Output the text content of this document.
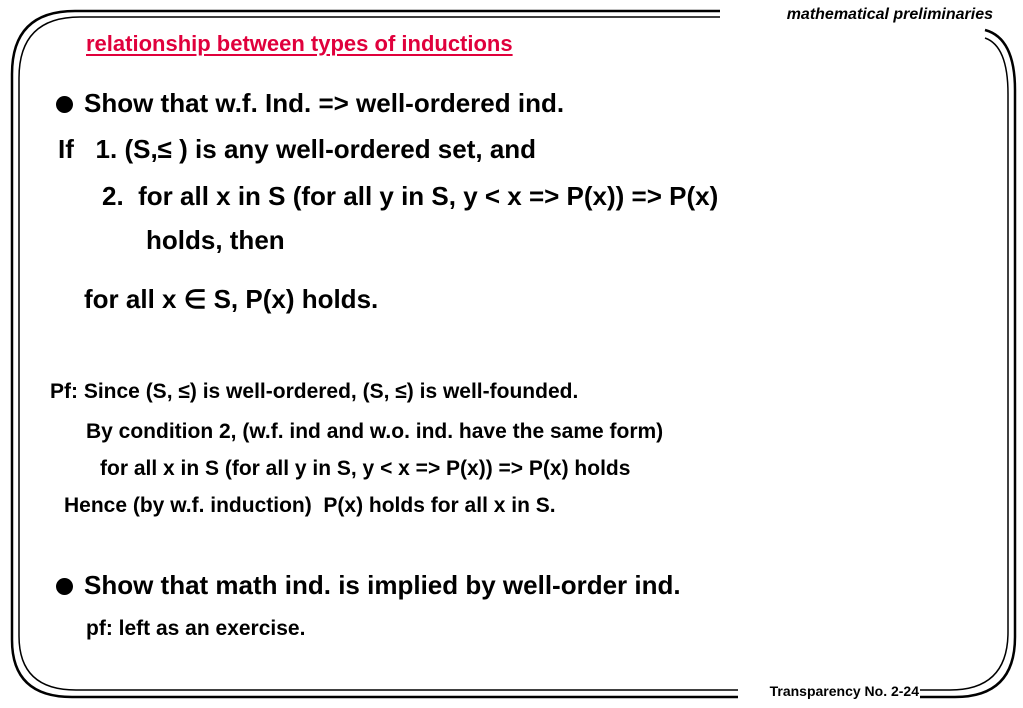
mathematical preliminaries
relationship between types of inductions
Show that w.f. Ind. => well-ordered ind.
If   1. (S,≤ ) is any well-ordered set, and
2.  for all x in S (for all y in S, y < x => P(x)) => P(x)
holds, then
for all x ∈ S, P(x) holds.
Pf: Since (S, ≤) is well-ordered, (S, ≤) is well-founded.
By condition 2, (w.f. ind and w.o. ind. have the same form)
for all x in S (for all y in S, y < x => P(x)) => P(x) holds
Hence (by w.f. induction)  P(x) holds for all x in S.
Show that math ind. is implied by well-order ind.
pf: left as an exercise.
Transparency No. 2-24
